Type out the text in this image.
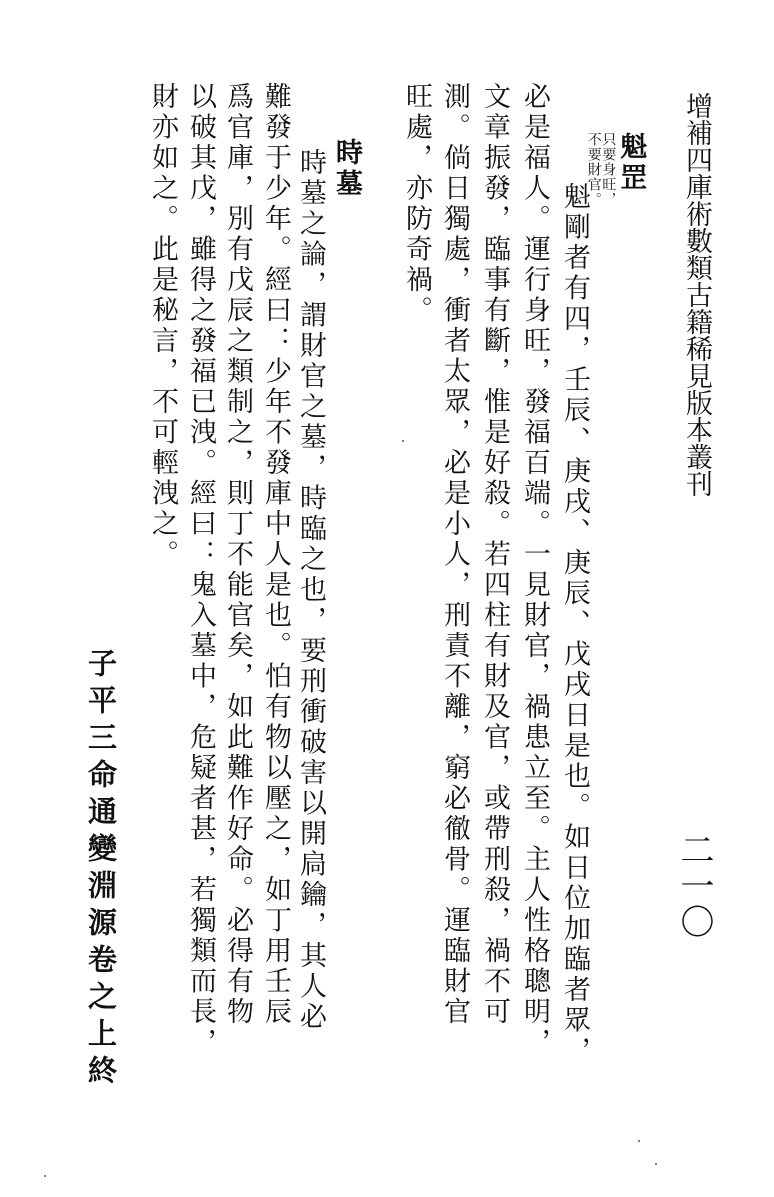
增補四庫術數類古籍稀見版本叢刊
二一〇
魁罡
只要身旺，
不要財官。
魁剛者有四，壬辰、庚戌、庚辰、戊戌日是也。如日位加臨者眾，
必是福人。運行身旺，發福百端。一見財官，禍患立至。主人性格聰明，
文章振發，臨事有斷，惟是好殺。若四柱有財及官，或帶刑殺，禍不可
測。倘日獨處，衝者太眾，必是小人，刑責不離，窮必徹骨。運臨財官
旺處，亦防奇禍。
時墓
時墓之論，謂財官之墓，時臨之也，要刑衝破害以開扃鑰，其人必
難發于少年。經曰：少年不發庫中人是也。怕有物以壓之，如丁用壬辰
爲官庫，別有戊辰之類制之，則丁不能官矣，如此難作好命。必得有物
以破其戊，雖得之發福已洩。經曰：鬼入墓中，危疑者甚，若獨類而長，
財亦如之。此是秘言，不可輕洩之。
子平三命通變淵源卷之上終
